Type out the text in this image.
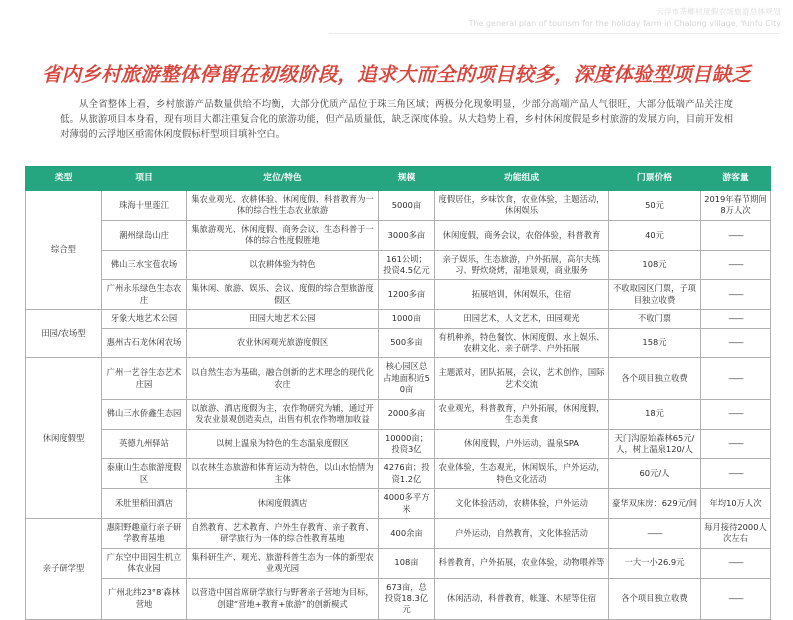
云浮市茶榔村度假农场旅游总体规划
The general plan of tourism for the holiday farm in Chalong village, Yunfu City
省内乡村旅游整体停留在初级阶段，追求大而全的项目较多，深度体验型项目缺乏
从全省整体上看，乡村旅游产品数量供给不均衡，大部分优质产品位于珠三角区域；两极分化现象明显，少部分高端产品人气很旺，大部分低端产品关注度低。从旅游项目本身看，现有项目大都注重复合化的旅游功能，但产品质量低，缺乏深度体验。从大趋势上看，乡村休闲度假是乡村旅游的发展方向，目前开发相对薄弱的云浮地区亟需休闲度假标杆型项目填补空白。
类型	项目	定位/特色	规模	功能组成	门票价格	游客量
综合型	珠海十里莲江	集农业观光、农耕体验、休闲度假、科普教育为一体的综合性生态农业旅游	5000亩	度假居住，乡味饮食，农业体验，主题活动，休闲娱乐	50元	2019年春节期间8万人次
	潮州绿岛山庄	集旅游观光、休闲度假、商务会议、生态科普于一体的综合性度假胜地	3000多亩	休闲度假，商务会议，农俗体验，科普教育	40元	——
	佛山三水宝苞农场	以农耕体验为特色	161公顷；投资4.5亿元	亲子娱乐，生态旅游，户外拓展，高尔夫练习、野炊烧烤，湿地景观，商业服务	108元	——
	广州永乐绿色生态农庄	集休闲、旅游、娱乐、会议、度假的综合型旅游度假区	1200多亩	拓展培训，休闲娱乐，住宿	不收取园区门票，子项目独立收费	——
田园/农场型	牙象大地艺术公园	田园大地艺术公园	1000亩	田园艺术，人文艺术，田园观光	不收门票	——
	惠州古石龙休闲农场	农业休闲观光旅游度假区	500多亩	有机种养，特色餐饮、休闲度假、水上娱乐、农耕文化、亲子研学、户外拓展	158元	——
休闲度假型	广州一艺谷生态艺术庄园	以自然生态为基础，融合创新的艺术理念的现代化农庄	核心园区总占地面积近50亩	主题派对，团队拓展，会议，艺术创作，国际艺术交流	各个项目独立收费	——
	佛山三水侨鑫生态园	以旅游、酒店度假为主，农作物研究为辅，通过开发农业景观创造卖点，出售有机农作物增加收益	2000多亩	农业观光，科普教育，户外拓展，休闲度假，生态美食	18元	——
	英德九州驿站	以树上温泉为特色的生态温泉度假区	10000亩；投资3亿	休闲度假，户外运动，温泉SPA	天门沟原始森林65元/人，树上温泉120/人	——
	泰康山生态旅游度假区	以农林生态旅游和体育运动为特色，以山水怡情为主体	4276亩；投资1.2亿	农业体验，生态观光，休闲娱乐，户外运动，特色文化活动	60元/人	——
	禾肚里稻田酒店	休闲度假酒店	4000多平方米	文化体验活动，农耕体验，户外运动	豪华双床房：629元/间	年均10万人次
亲子研学型	惠阳野趣童行亲子研学教育基地	自然教育、艺术教育、户外生存教育、亲子教育、研学旅行为一体的综合性教育基地	400余亩	户外运动，自然教育，文化体验活动	——	每月接待2000人次左右
	广东空中田园生机立体农业园	集科研生产、观光、旅游科普生态为一体的新型农业观光园	108亩	科普教育，户外拓展，农业体验，动物喂养等	一大一小26.9元	——
	广州北纬23°8′森林营地	以营造中国首席研学旅行与野奢亲子营地为目标，创建“营地+教育+旅游”的创新模式	673亩，总投资18.3亿元	休闲活动，科普教育，帐篷、木屋等住宿	各个项目独立收费	——
